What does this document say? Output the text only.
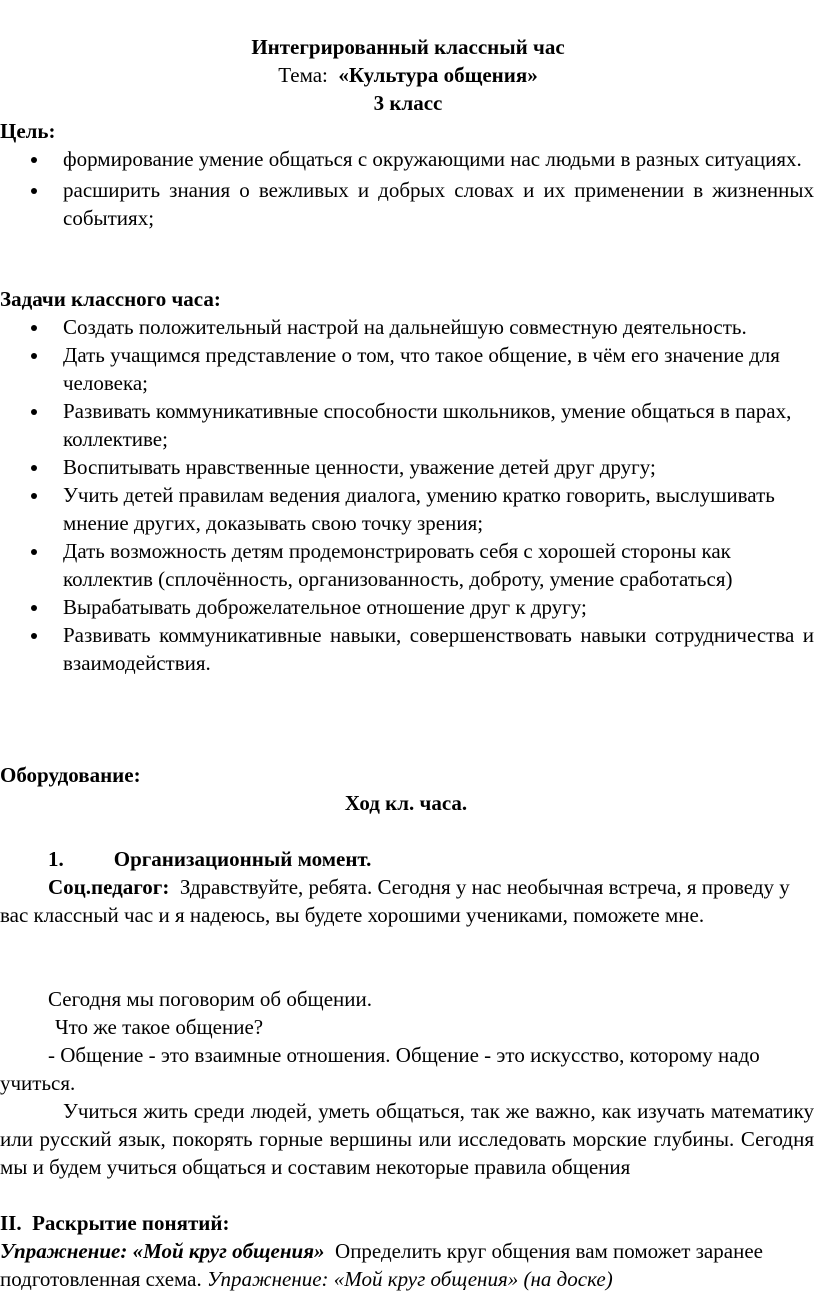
Интегрированный классный час
Тема: «Культура общения»
3 класс
Цель:
формирование умение общаться с окружающими нас людьми в разных ситуациях.
расширить знания о вежливых и добрых словах и их применении в жизненных событиях;
Задачи классного часа:
Создать положительный настрой на дальнейшую совместную деятельность.
Дать учащимся представление о том, что такое общение, в чём его значение для человека;
Развивать коммуникативные способности школьников, умение общаться в парах, коллективе;
Воспитывать нравственные ценности, уважение детей друг другу;
Учить детей правилам ведения диалога, умению кратко говорить, выслушивать мнение других, доказывать свою точку зрения;
Дать возможность детям продемонстрировать себя с хорошей стороны как коллектив (сплочённость, организованность, доброту, умение сработаться)
Вырабатывать доброжелательное отношение друг к другу;
Развивать коммуникативные навыки, совершенствовать навыки сотрудничества и взаимодействия.
Оборудование:
Ход кл. часа.
1. Организационный момент.
Соц.педагог: Здравствуйте, ребята. Сегодня у нас необычная встреча, я проведу у вас классный час и я надеюсь, вы будете хорошими учениками, поможете мне.
Сегодня мы поговорим об общении.
Что же такое общение?
- Общение - это взаимные отношения. Общение - это искусство, которому надо учиться.
Учиться жить среди людей, уметь общаться, так же важно, как изучать математику или русский язык, покорять горные вершины или исследовать морские глубины. Сегодня мы и будем учиться общаться и составим некоторые правила общения
II. Раскрытие понятий:
Упражнение: «Мой круг общения» Определить круг общения вам поможет заранее подготовленная схема. Упражнение: «Мой круг общения» (на доске)
